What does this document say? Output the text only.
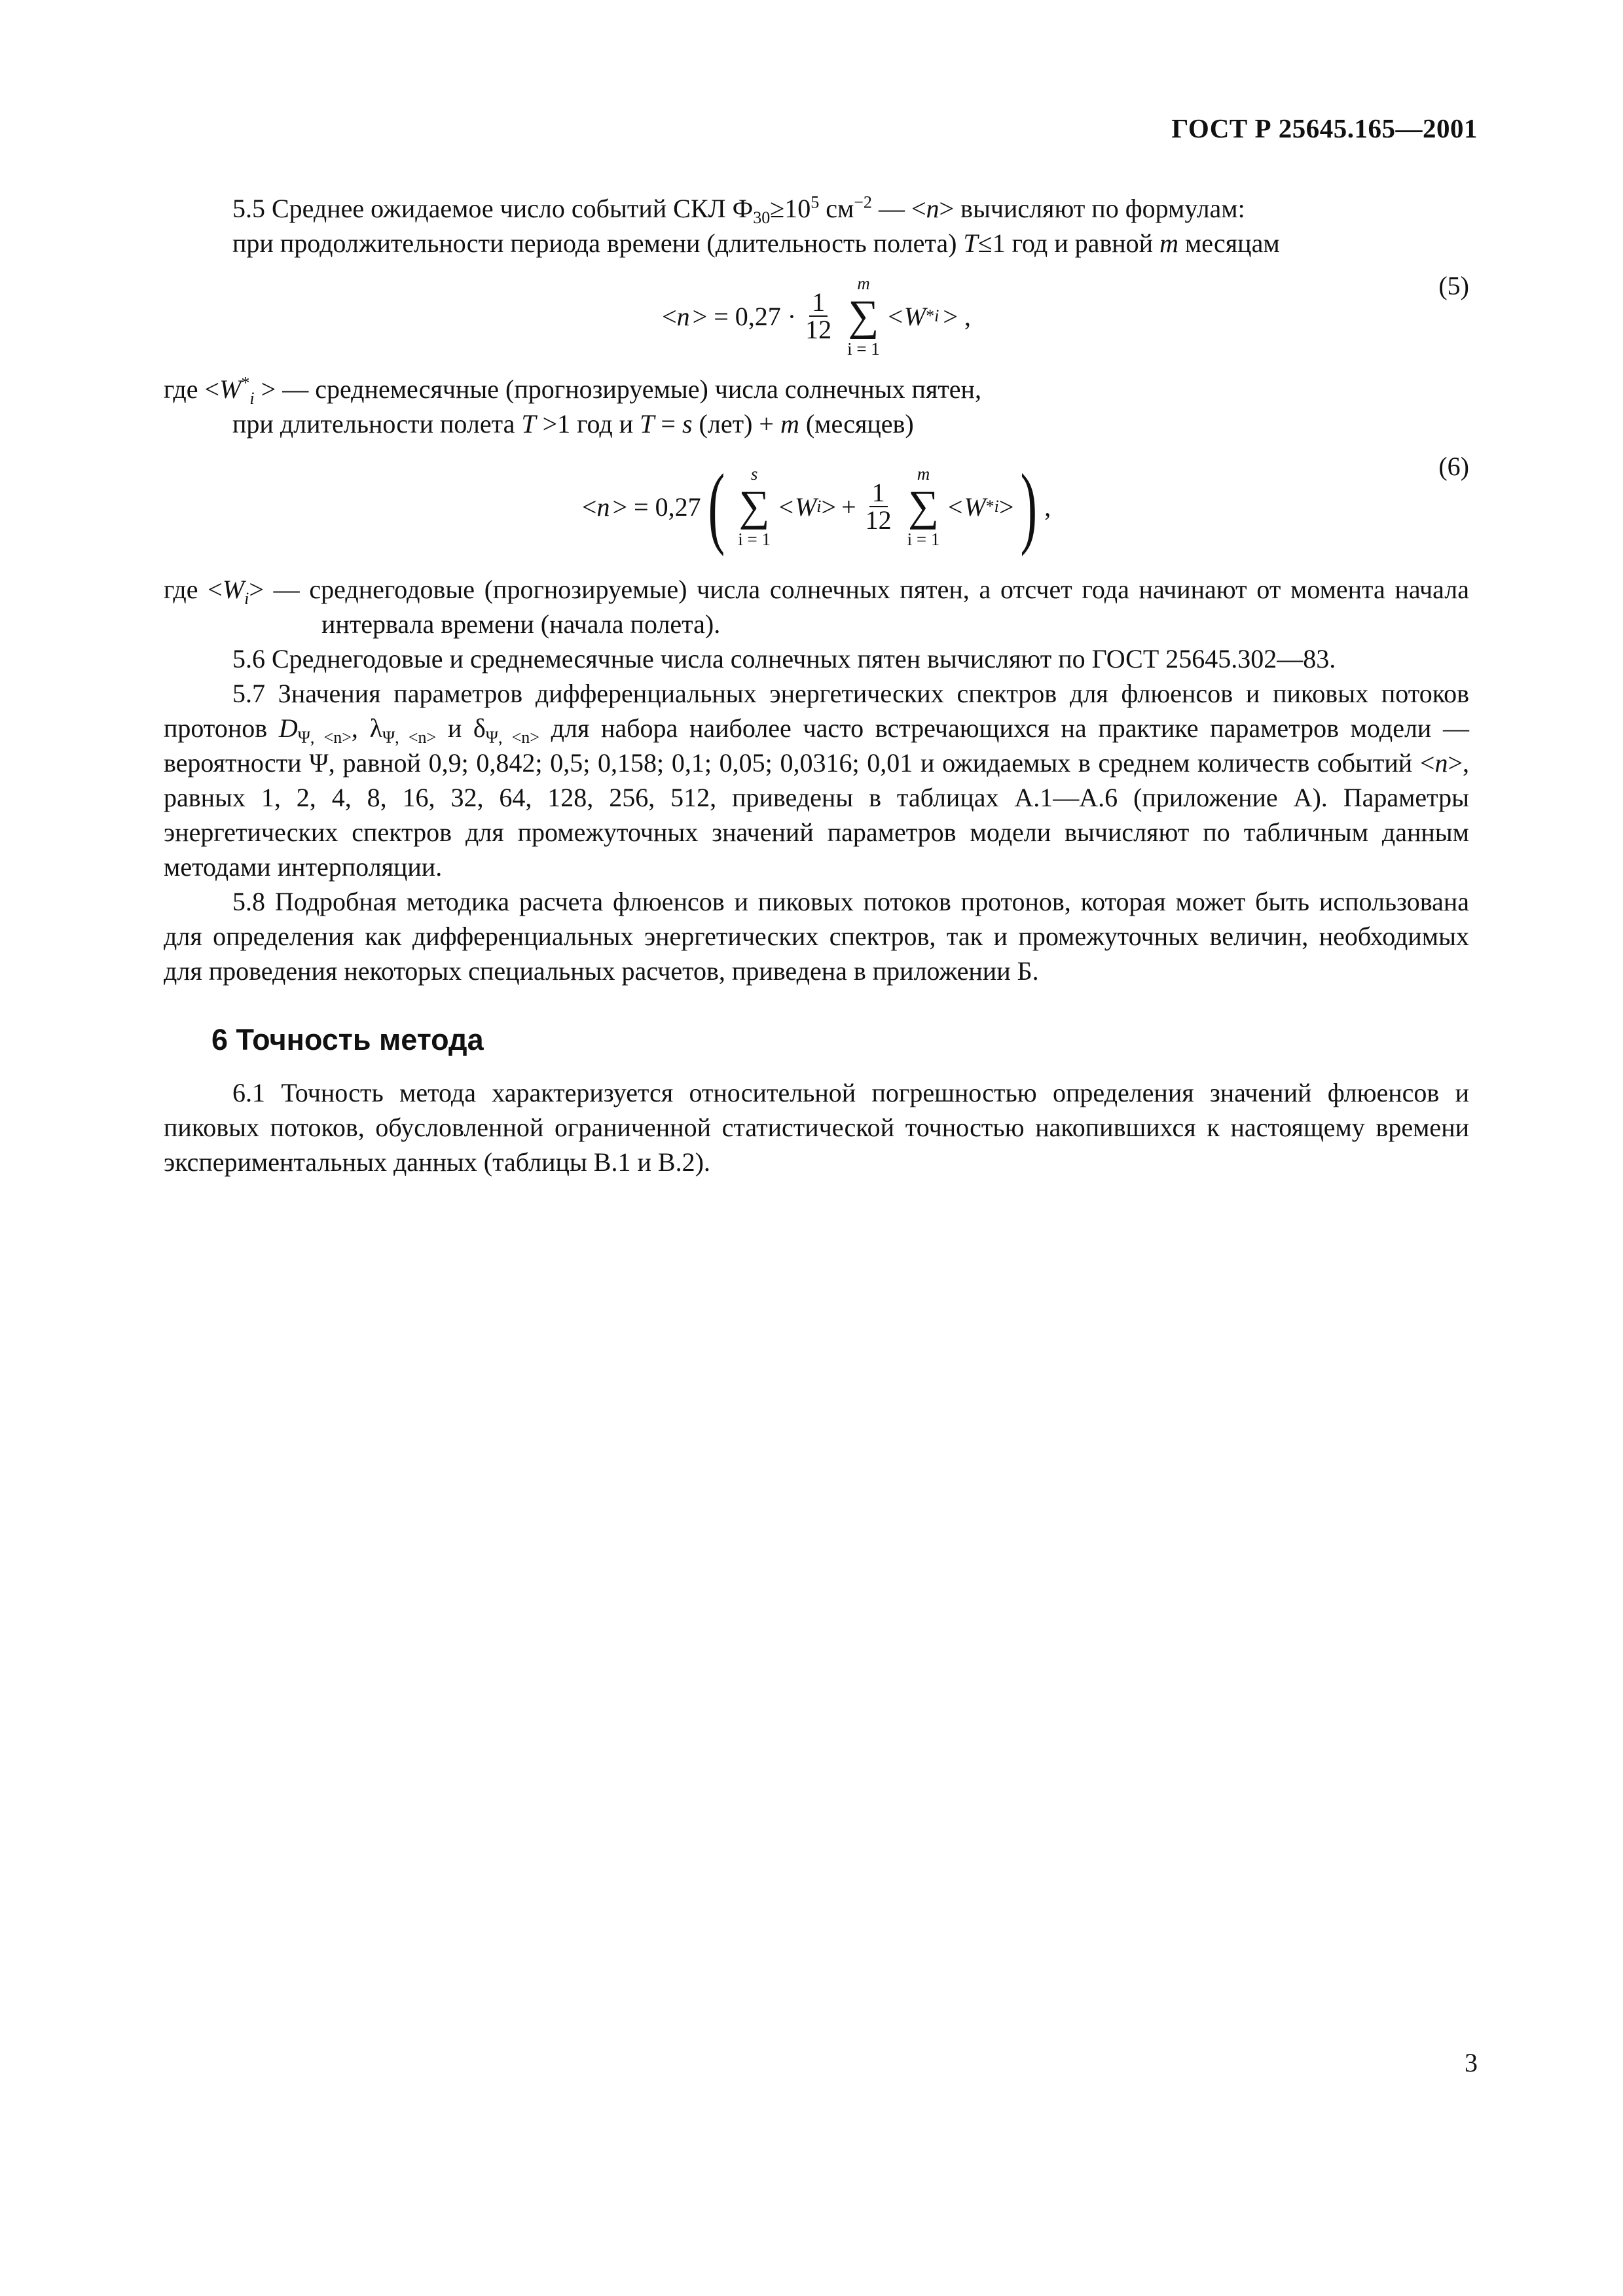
ГОСТ Р 25645.165—2001

5.5 Среднее ожидаемое число событий СКЛ $Ф_{30}\ge 10^5$ $см^{-2}$ — <n> вычисляют по формулам:

при продолжительности периода времени (длительность полета) T≤1 год и равной m месяцам

< n > = $0,27 \cdot \frac{1}{12}$
m
∑
i = 1
<W * i > ,
(5)

где $<W^*_i$ > — среднемесячные (прогнозируемые) числа солнечных пятен,

при длительности полета T >1 год и T = s (лет) + m (месяцев)

< n > = 0,27 ( s
∑
i = 1
<W i > + $\frac{1}{12}$
m
∑
i = 1
<W * i > ) ,
(6)

где $<W_i>$ — среднегодовые (прогнозируемые) числа солнечных пятен, а отсчет года начинают от момента начала интервала времени (начала полета).

5.6 Среднегодовые и среднемесячные числа солнечных пятен вычисляют по ГОСТ 25645.302—83.

5.7 Значения параметров дифференциальных энергетических спектров для флюенсов и пиковых потоков протонов $D_{\Psi, <n>}$, $\lambda_{\Psi, <n>}$ и $\delta_{\Psi, <n>}$ для набора наиболее часто встречающихся на практике параметров модели — вероятности Ψ, равной 0,9; 0,842; 0,5; 0,158; 0,1; 0,05; 0,0316; 0,01 и ожидаемых в среднем количеств событий <n>, равных 1, 2, 4, 8, 16, 32, 64, 128, 256, 512, приведены в таблицах А.1—А.6 (приложение А). Параметры энергетических спектров для промежуточных значений параметров модели вычисляют по табличным данным методами интерполяции.

5.8 Подробная методика расчета флюенсов и пиковых потоков протонов, которая может быть использована для определения как дифференциальных энергетических спектров, так и промежуточных величин, необходимых для проведения некоторых специальных расчетов, приведена в приложении Б.

6 Точность метода

6.1 Точность метода характеризуется относительной погрешностью определения значений флюенсов и пиковых потоков, обусловленной ограниченной статистической точностью накопившихся к настоящему времени экспериментальных данных (таблицы В.1 и В.2).

3
